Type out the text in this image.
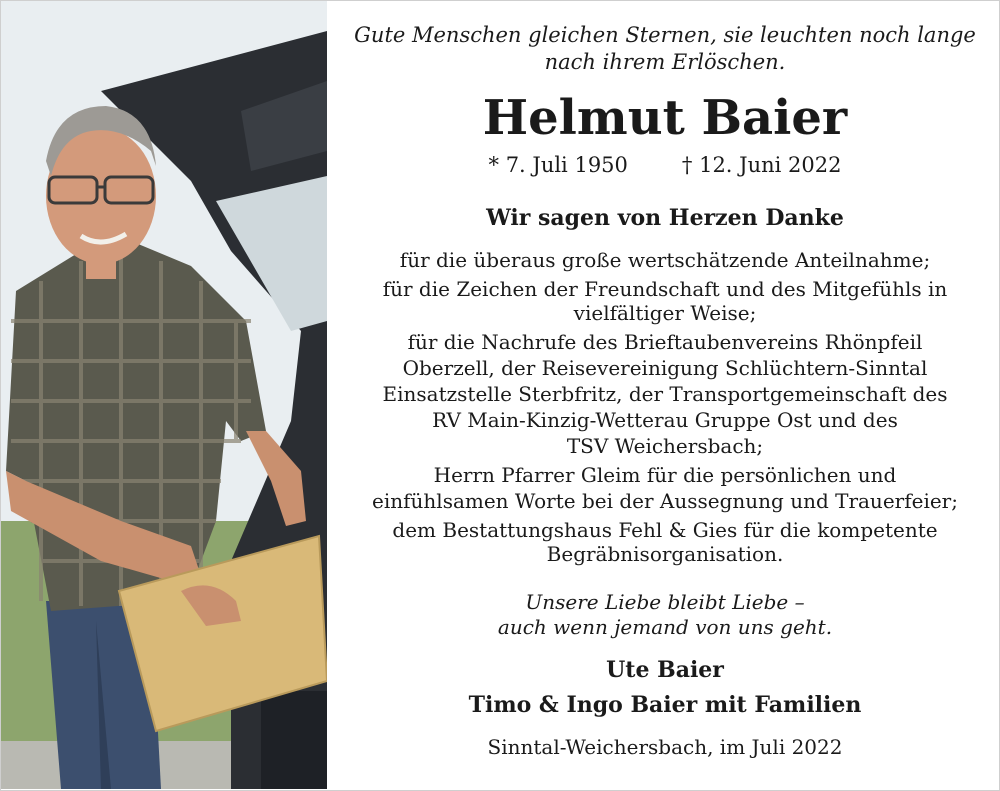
Gute Menschen gleichen Sternen, sie leuchten noch lange
nach ihrem Erlöschen.
Helmut Baier
* 7. Juli 1950	† 12. Juni 2022
Wir sagen von Herzen Danke
für die überaus große wertschätzende Anteilnahme;
für die Zeichen der Freundschaft und des Mitgefühls in
vielfältiger Weise;
für die Nachrufe des Brieftaubenvereins Rhönpfeil
Oberzell, der Reisevereinigung Schlüchtern-Sinntal
Einsatzstelle Sterbfritz, der Transportgemeinschaft des
RV Main-Kinzig-Wetterau Gruppe Ost und des
TSV Weichersbach;
Herrn Pfarrer Gleim für die persönlichen und
einfühlsamen Worte bei der Aussegnung und Trauerfeier;
dem Bestattungshaus Fehl & Gies für die kompetente
Begräbnisorganisation.
Unsere Liebe bleibt Liebe –
auch wenn jemand von uns geht.
Ute Baier
Timo & Ingo Baier mit Familien
Sinntal-Weichersbach, im Juli 2022
